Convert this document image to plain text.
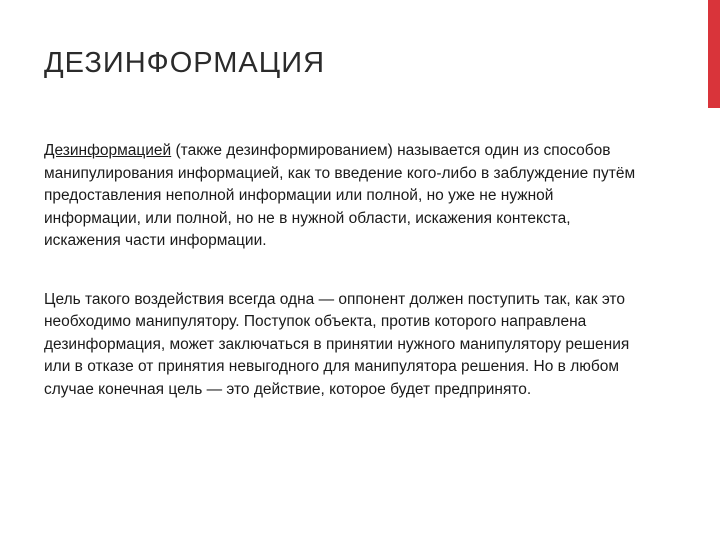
ДЕЗИНФОРМАЦИЯ

Дезинформацией (также дезинформированием) называется один из способов манипулирования информацией, как то введение кого-либо в заблуждение путём предоставления неполной информации или полной, но уже не нужной информации, или полной, но не в нужной области, искажения контекста, искажения части информации.

Цель такого воздействия всегда одна — оппонент должен поступить так, как это необходимо манипулятору. Поступок объекта, против которого направлена дезинформация, может заключаться в принятии нужного манипулятору решения или в отказе от принятия невыгодного для манипулятора решения. Но в любом случае конечная цель — это действие, которое будет предпринято.
